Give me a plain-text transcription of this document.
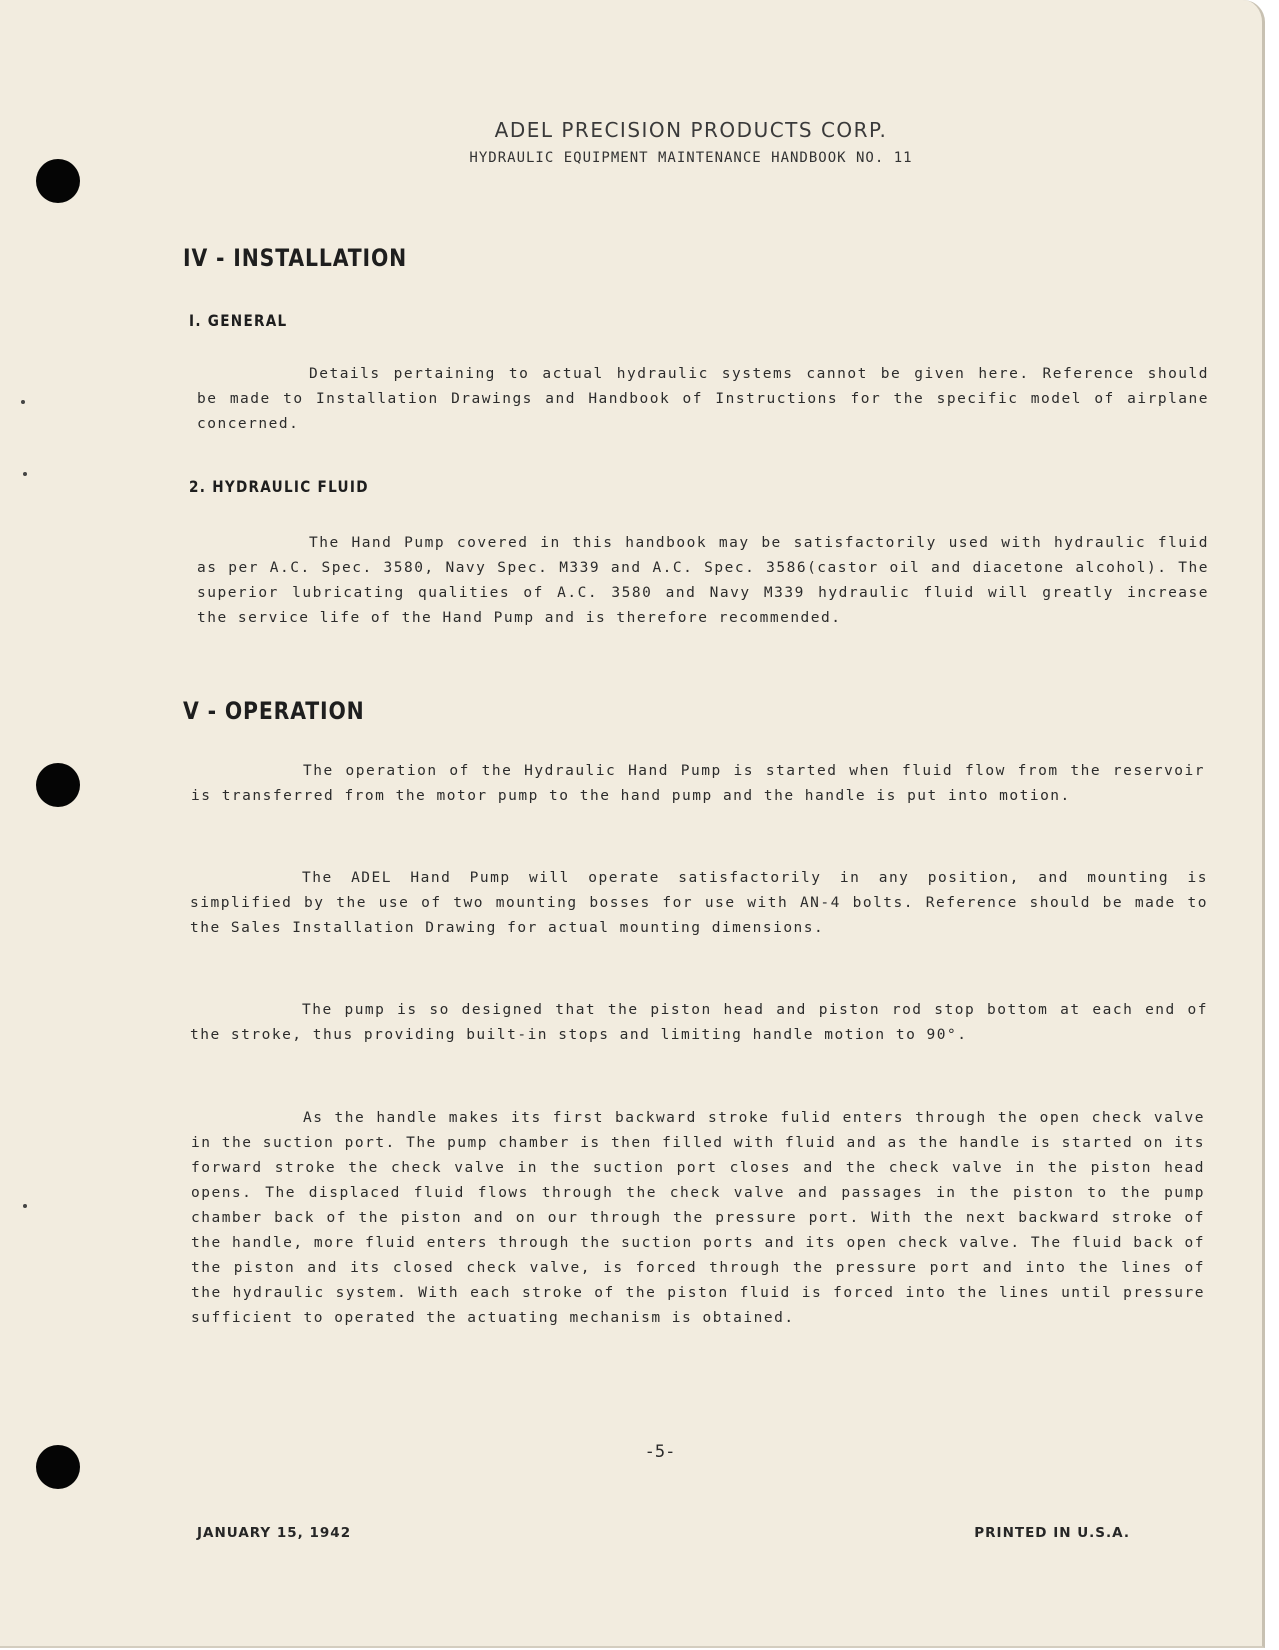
ADEL PRECISION PRODUCTS CORP.
HYDRAULIC EQUIPMENT MAINTENANCE HANDBOOK NO. 11
IV - INSTALLATION
I. GENERAL
Details pertaining to actual hydraulic systems cannot be given here. Reference should be made to Installation Drawings and Handbook of Instructions for the specific model of airplane concerned.
2. HYDRAULIC FLUID
The Hand Pump covered in this handbook may be satisfactorily used with hydraulic fluid as per A.C. Spec. 3580, Navy Spec. M339 and A.C. Spec. 3586(castor oil and diacetone alcohol). The superior lubricating qualities of A.C. 3580 and Navy M339 hydraulic fluid will greatly increase the service life of the Hand Pump and is therefore recommended.
V - OPERATION
The operation of the Hydraulic Hand Pump is started when fluid flow from the reservoir is transferred from the motor pump to the hand pump and the handle is put into motion.
The ADEL Hand Pump will operate satisfactorily in any position, and mounting is simplified by the use of two mounting bosses for use with AN-4 bolts. Reference should be made to the Sales Installation Drawing for actual mounting dimensions.
The pump is so designed that the piston head and piston rod stop bottom at each end of the stroke, thus providing built-in stops and limiting handle motion to 90°.
As the handle makes its first backward stroke fulid enters through the open check valve in the suction port. The pump chamber is then filled with fluid and as the handle is started on its forward stroke the check valve in the suction port closes and the check valve in the piston head opens. The displaced fluid flows through the check valve and passages in the piston to the pump chamber back of the piston and on our through the pressure port. With the next backward stroke of the handle, more fluid enters through the suction ports and its open check valve. The fluid back of the piston and its closed check valve, is forced through the pressure port and into the lines of the hydraulic system. With each stroke of the piston fluid is forced into the lines until pressure sufficient to operated the actuating mechanism is obtained.
-5-
JANUARY 15, 1942	PRINTED IN U.S.A.
